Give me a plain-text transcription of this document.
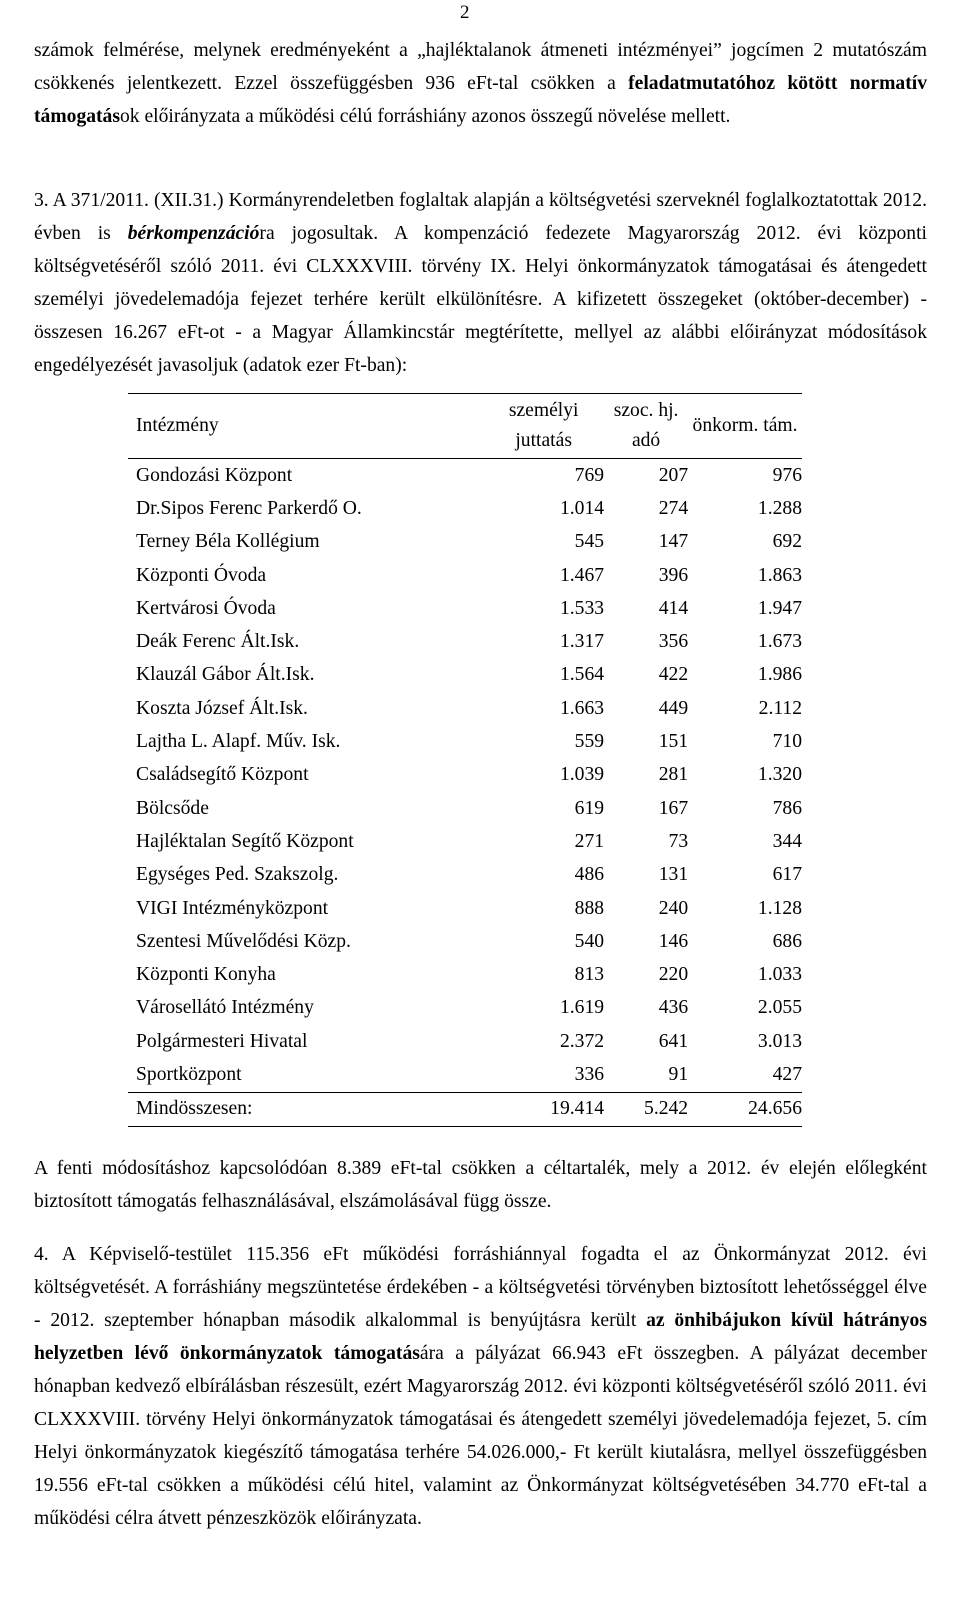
2
számok felmérése, melynek eredményeként a „hajléktalanok átmeneti intézményei” jogcímen 2 mutatószám csökkenés jelentkezett. Ezzel összefüggésben 936 eFt-tal csökken a feladatmutatóhoz kötött normatív támogatások előirányzata a működési célú forráshiány azonos összegű növelése mellett.
3. A 371/2011. (XII.31.) Kormányrendeletben foglaltak alapján a költségvetési szerveknél foglalkoztatottak 2012. évben is bérkompenzációra jogosultak. A kompenzáció fedezete Magyarország 2012. évi központi költségvetéséről szóló 2011. évi CLXXXVIII. törvény IX. Helyi önkormányzatok támogatásai és átengedett személyi jövedelemadója fejezet terhére került elkülönítésre. A kifizetett összegeket (október-december) - összesen 16.267 eFt-ot - a Magyar Államkincstár megtérítette, mellyel az alábbi előirányzat módosítások engedélyezését javasoljuk (adatok ezer Ft-ban):
Intézmény	személyi juttatás	szoc. hj. adó	önkorm. tám.
Gondozási Központ	769	207	976
Dr.Sipos Ferenc Parkerdő O.	1.014	274	1.288
Terney Béla Kollégium	545	147	692
Központi Óvoda	1.467	396	1.863
Kertvárosi Óvoda	1.533	414	1.947
Deák Ferenc Ált.Isk.	1.317	356	1.673
Klauzál Gábor Ált.Isk.	1.564	422	1.986
Koszta József Ált.Isk.	1.663	449	2.112
Lajtha L. Alapf. Műv. Isk.	559	151	710
Családsegítő Központ	1.039	281	1.320
Bölcsőde	619	167	786
Hajléktalan Segítő Központ	271	73	344
Egységes Ped. Szakszolg.	486	131	617
VIGI Intézményközpont	888	240	1.128
Szentesi Művelődési Közp.	540	146	686
Központi Konyha	813	220	1.033
Városellátó Intézmény	1.619	436	2.055
Polgármesteri Hivatal	2.372	641	3.013
Sportközpont	336	91	427
Mindösszesen:	19.414	5.242	24.656
A fenti módosításhoz kapcsolódóan 8.389 eFt-tal csökken a céltartalék, mely a 2012. év elején előlegként biztosított támogatás felhasználásával, elszámolásával függ össze.
4. A Képviselő-testület 115.356 eFt működési forráshiánnyal fogadta el az Önkormányzat 2012. évi költségvetését. A forráshiány megszüntetése érdekében - a költségvetési törvényben biztosított lehetősséggel élve - 2012. szeptember hónapban második alkalommal is benyújtásra került az önhibájukon kívül hátrányos helyzetben lévő önkormányzatok támogatására a pályázat 66.943 eFt összegben. A pályázat december hónapban kedvező elbírálásban részesült, ezért Magyarország 2012. évi központi költségvetéséről szóló 2011. évi CLXXXVIII. törvény Helyi önkormányzatok támogatásai és átengedett személyi jövedelemadója fejezet, 5. cím Helyi önkormányzatok kiegészítő támogatása terhére 54.026.000,- Ft került kiutalásra, mellyel összefüggésben 19.556 eFt-tal csökken a működési célú hitel, valamint az Önkormányzat költségvetésében 34.770 eFt-tal a működési célra átvett pénzeszközök előirányzata.
